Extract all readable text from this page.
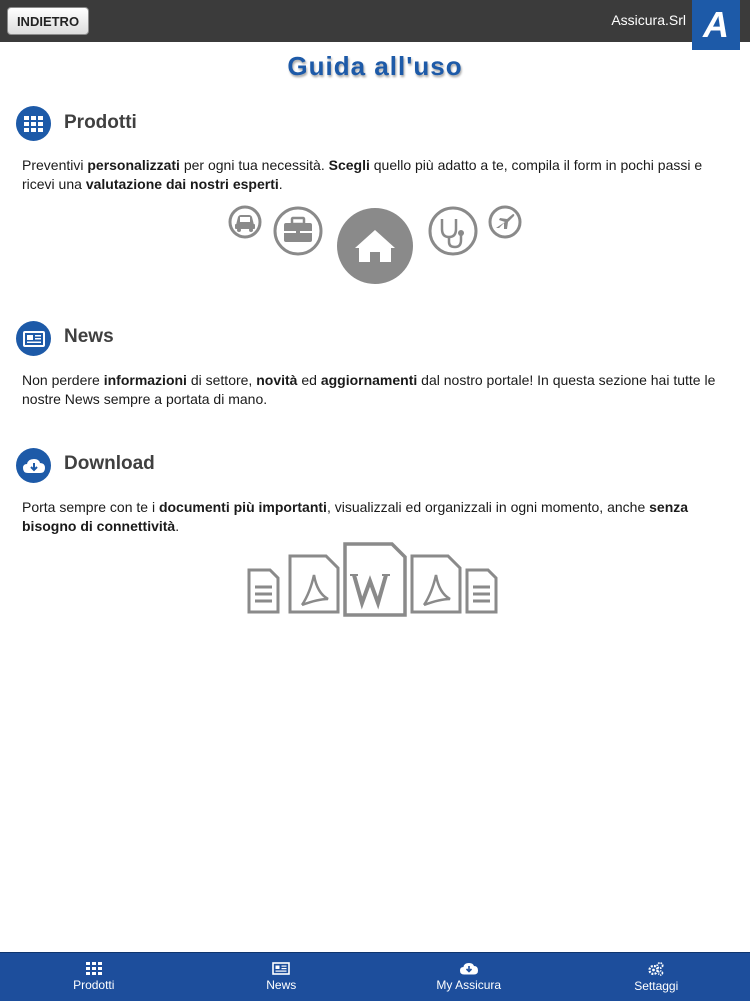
INDIETRO	Assicura.Srl A
Guida all'uso
Prodotti
Preventivi personalizzati per ogni tua necessità. Scegli quello più adatto a te, compila il form in pochi passi e ricevi una valutazione dai nostri esperti.
News
Non perdere informazioni di settore, novità ed aggiornamenti dal nostro portale! In questa sezione hai tutte le nostre News sempre a portata di mano.
Download
Porta sempre con te i documenti più importanti, visualizzali ed organizzali in ogni momento, anche senza bisogno di connettività.
Prodotti	News	My Assicura	Settaggi
